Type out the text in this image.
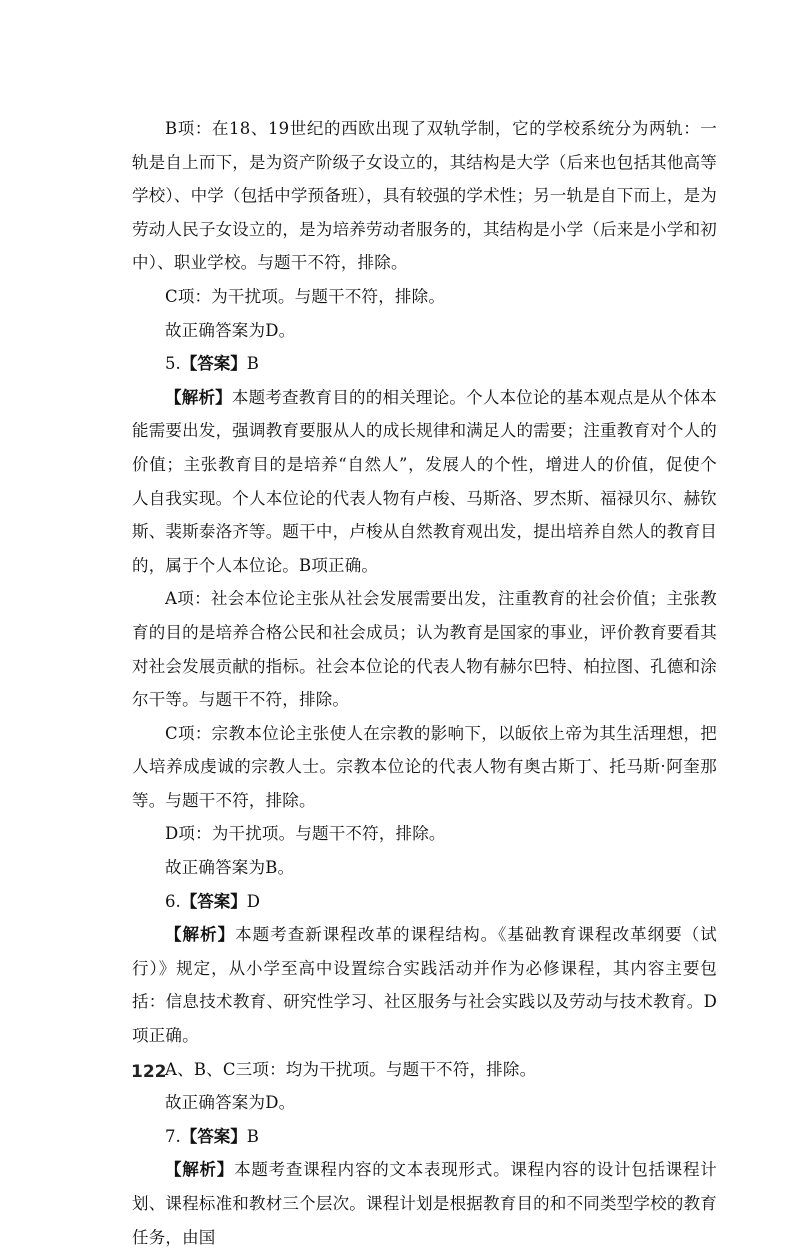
B项：在18、19世纪的西欧出现了双轨学制，它的学校系统分为两轨：一轨是自上而下，是为资产阶级子女设立的，其结构是大学（后来也包括其他高等学校）、中学（包括中学预备班），具有较强的学术性；另一轨是自下而上，是为劳动人民子女设立的，是为培养劳动者服务的，其结构是小学（后来是小学和初中）、职业学校。与题干不符，排除。

C项：为干扰项。与题干不符，排除。

故正确答案为D。

5.【答案】B

【解析】本题考查教育目的的相关理论。个人本位论的基本观点是从个体本能需要出发，强调教育要服从人的成长规律和满足人的需要；注重教育对个人的价值；主张教育目的是培养“自然人”，发展人的个性，增进人的价值，促使个人自我实现。个人本位论的代表人物有卢梭、马斯洛、罗杰斯、福禄贝尔、赫钦斯、裴斯泰洛齐等。题干中，卢梭从自然教育观出发，提出培养自然人的教育目的，属于个人本位论。B项正确。

A项：社会本位论主张从社会发展需要出发，注重教育的社会价值；主张教育的目的是培养合格公民和社会成员；认为教育是国家的事业，评价教育要看其对社会发展贡献的指标。社会本位论的代表人物有赫尔巴特、柏拉图、孔德和涂尔干等。与题干不符，排除。

C项：宗教本位论主张使人在宗教的影响下，以皈依上帝为其生活理想，把人培养成虔诚的宗教人士。宗教本位论的代表人物有奥古斯丁、托马斯·阿奎那等。与题干不符，排除。

D项：为干扰项。与题干不符，排除。

故正确答案为B。

6.【答案】D

【解析】本题考查新课程改革的课程结构。《基础教育课程改革纲要（试行）》规定，从小学至高中设置综合实践活动并作为必修课程，其内容主要包括：信息技术教育、研究性学习、社区服务与社会实践以及劳动与技术教育。D项正确。

A、B、C三项：均为干扰项。与题干不符，排除。

故正确答案为D。

7.【答案】B

【解析】本题考查课程内容的文本表现形式。课程内容的设计包括课程计划、课程标准和教材三个层次。课程计划是根据教育目的和不同类型学校的教育任务，由国

122
